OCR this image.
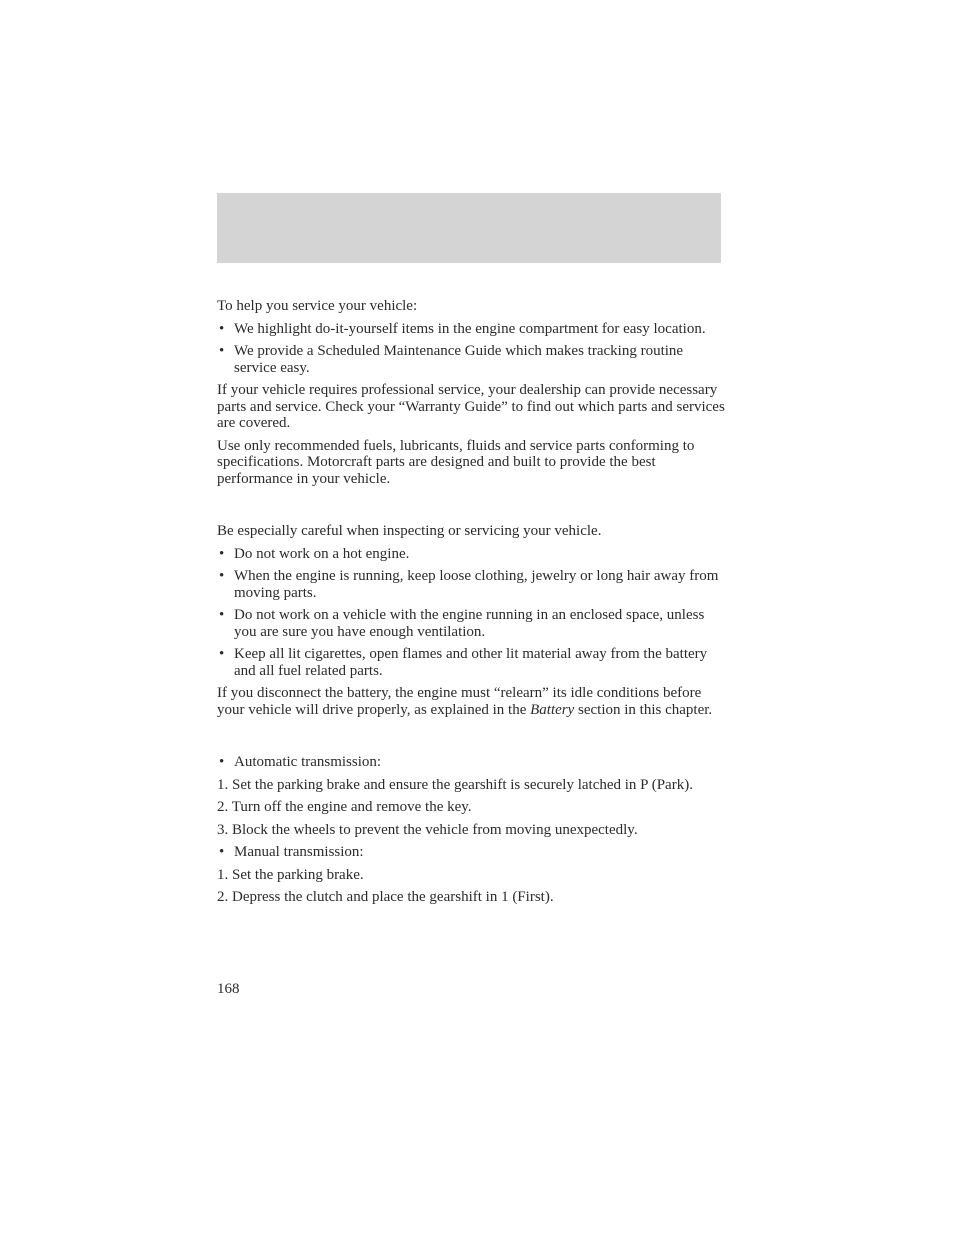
To help you service your vehicle:

• We highlight do-it-yourself items in the engine compartment for easy location.
• We provide a Scheduled Maintenance Guide which makes tracking routine service easy.

If your vehicle requires professional service, your dealership can provide necessary parts and service. Check your “Warranty Guide” to find out which parts and services are covered.

Use only recommended fuels, lubricants, fluids and service parts conforming to specifications. Motorcraft parts are designed and built to provide the best performance in your vehicle.

Be especially careful when inspecting or servicing your vehicle.

• Do not work on a hot engine.
• When the engine is running, keep loose clothing, jewelry or long hair away from moving parts.
• Do not work on a vehicle with the engine running in an enclosed space, unless you are sure you have enough ventilation.
• Keep all lit cigarettes, open flames and other lit material away from the battery and all fuel related parts.

If you disconnect the battery, the engine must “relearn” its idle conditions before your vehicle will drive properly, as explained in the Battery section in this chapter.

• Automatic transmission:

1. Set the parking brake and ensure the gearshift is securely latched in P (Park).

2. Turn off the engine and remove the key.

3. Block the wheels to prevent the vehicle from moving unexpectedly.

• Manual transmission:

1. Set the parking brake.

2. Depress the clutch and place the gearshift in 1 (First).

168
